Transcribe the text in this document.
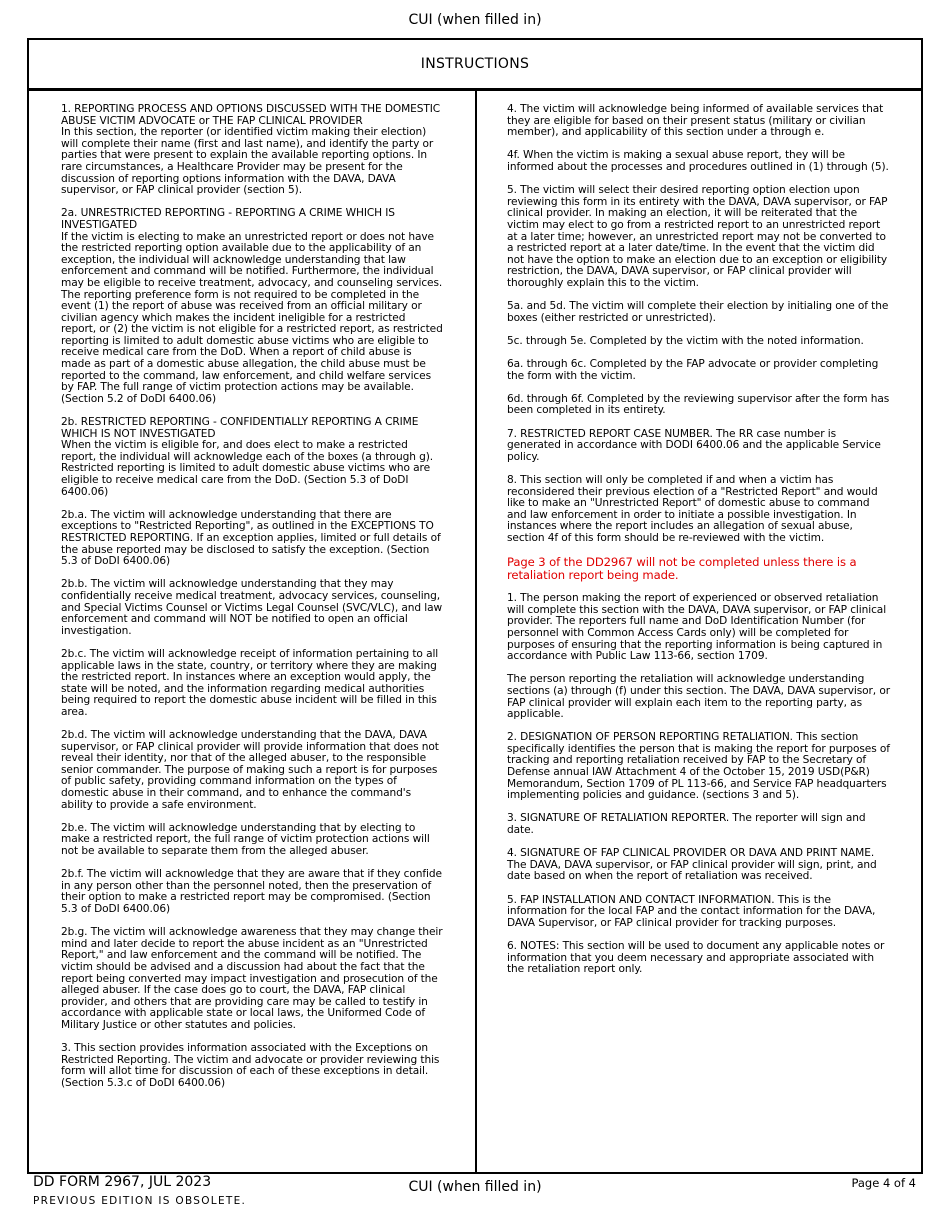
CUI (when filled in)
INSTRUCTIONS
1. REPORTING PROCESS AND OPTIONS DISCUSSED WITH THE DOMESTIC ABUSE VICTIM ADVOCATE or THE FAP CLINICAL PROVIDER
In this section, the reporter (or identified victim making their election) will complete their name (first and last name), and identify the party or parties that were present to explain the available reporting options. In rare circumstances, a Healthcare Provider may be present for the discussion of reporting options information with the DAVA, DAVA supervisor, or FAP clinical provider (section 5).
2a. UNRESTRICTED REPORTING - REPORTING A CRIME WHICH IS INVESTIGATED
If the victim is electing to make an unrestricted report or does not have the restricted reporting option available due to the applicability of an exception, the individual will acknowledge understanding that law enforcement and command will be notified. Furthermore, the individual may be eligible to receive treatment, advocacy, and counseling services. The reporting preference form is not required to be completed in the event (1) the report of abuse was received from an official military or civilian agency which makes the incident ineligible for a restricted report, or (2) the victim is not eligible for a restricted report, as restricted reporting is limited to adult domestic abuse victims who are eligible to receive medical care from the DoD. When a report of child abuse is made as part of a domestic abuse allegation, the child abuse must be reported to the command, law enforcement, and child welfare services by FAP. The full range of victim protection actions may be available. (Section 5.2 of DoDI 6400.06)
2b. RESTRICTED REPORTING - CONFIDENTIALLY REPORTING A CRIME WHICH IS NOT INVESTIGATED
When the victim is eligible for, and does elect to make a restricted report, the individual will acknowledge each of the boxes (a through g). Restricted reporting is limited to adult domestic abuse victims who are eligible to receive medical care from the DoD. (Section 5.3 of DoDI 6400.06)
2b.a. The victim will acknowledge understanding that there are exceptions to "Restricted Reporting", as outlined in the EXCEPTIONS TO RESTRICTED REPORTING. If an exception applies, limited or full details of the abuse reported may be disclosed to satisfy the exception. (Section 5.3 of DoDI 6400.06)
2b.b. The victim will acknowledge understanding that they may confidentially receive medical treatment, advocacy services, counseling, and Special Victims Counsel or Victims Legal Counsel (SVC/VLC), and law enforcement and command will NOT be notified to open an official investigation.
2b.c. The victim will acknowledge receipt of information pertaining to all applicable laws in the state, country, or territory where they are making the restricted report. In instances where an exception would apply, the state will be noted, and the information regarding medical authorities being required to report the domestic abuse incident will be filled in this area.
2b.d. The victim will acknowledge understanding that the DAVA, DAVA supervisor, or FAP clinical provider will provide information that does not reveal their identity, nor that of the alleged abuser, to the responsible senior commander. The purpose of making such a report is for purposes of public safety, providing command information on the types of domestic abuse in their command, and to enhance the command's ability to provide a safe environment.
2b.e. The victim will acknowledge understanding that by electing to make a restricted report, the full range of victim protection actions will not be available to separate them from the alleged abuser.
2b.f. The victim will acknowledge that they are aware that if they confide in any person other than the personnel noted, then the preservation of their option to make a restricted report may be compromised. (Section 5.3 of DoDI 6400.06)
2b.g. The victim will acknowledge awareness that they may change their mind and later decide to report the abuse incident as an "Unrestricted Report," and law enforcement and the command will be notified. The victim should be advised and a discussion had about the fact that the report being converted may impact investigation and prosecution of the alleged abuser. If the case does go to court, the DAVA, FAP clinical provider, and others that are providing care may be called to testify in accordance with applicable state or local laws, the Uniformed Code of Military Justice or other statutes and policies.
3. This section provides information associated with the Exceptions on Restricted Reporting. The victim and advocate or provider reviewing this form will allot time for discussion of each of these exceptions in detail. (Section 5.3.c of DoDI 6400.06)
4. The victim will acknowledge being informed of available services that they are eligible for based on their present status (military or civilian member), and applicability of this section under a through e.
4f. When the victim is making a sexual abuse report, they will be informed about the processes and procedures outlined in (1) through (5).
5. The victim will select their desired reporting option election upon reviewing this form in its entirety with the DAVA, DAVA supervisor, or FAP clinical provider. In making an election, it will be reiterated that the victim may elect to go from a restricted report to an unrestricted report at a later time; however, an unrestricted report may not be converted to a restricted report at a later date/time. In the event that the victim did not have the option to make an election due to an exception or eligibility restriction, the DAVA, DAVA supervisor, or FAP clinical provider will thoroughly explain this to the victim.
5a. and 5d. The victim will complete their election by initialing one of the boxes (either restricted or unrestricted).
5c. through 5e. Completed by the victim with the noted information.
6a. through 6c. Completed by the FAP advocate or provider completing the form with the victim.
6d. through 6f. Completed by the reviewing supervisor after the form has been completed in its entirety.
7. RESTRICTED REPORT CASE NUMBER. The RR case number is generated in accordance with DODI 6400.06 and the applicable Service policy.
8. This section will only be completed if and when a victim has reconsidered their previous election of a "Restricted Report" and would like to make an "Unrestricted Report" of domestic abuse to command and law enforcement in order to initiate a possible investigation. In instances where the report includes an allegation of sexual abuse, section 4f of this form should be re-reviewed with the victim.
Page 3 of the DD2967 will not be completed unless there is a retaliation report being made.
1. The person making the report of experienced or observed retaliation will complete this section with the DAVA, DAVA supervisor, or FAP clinical provider. The reporters full name and DoD Identification Number (for personnel with Common Access Cards only) will be completed for purposes of ensuring that the reporting information is being captured in accordance with Public Law 113-66, section 1709.
The person reporting the retaliation will acknowledge understanding sections (a) through (f) under this section. The DAVA, DAVA supervisor, or FAP clinical provider will explain each item to the reporting party, as applicable.
2. DESIGNATION OF PERSON REPORTING RETALIATION. This section specifically identifies the person that is making the report for purposes of tracking and reporting retaliation received by FAP to the Secretary of Defense annual IAW Attachment 4 of the October 15, 2019 USD(P&R) Memorandum, Section 1709 of PL 113-66, and Service FAP headquarters implementing policies and guidance. (sections 3 and 5).
3. SIGNATURE OF RETALIATION REPORTER. The reporter will sign and date.
4. SIGNATURE OF FAP CLINICAL PROVIDER OR DAVA AND PRINT NAME. The DAVA, DAVA supervisor, or FAP clinical provider will sign, print, and date based on when the report of retaliation was received.
5. FAP INSTALLATION AND CONTACT INFORMATION. This is the information for the local FAP and the contact information for the DAVA, DAVA Supervisor, or FAP clinical provider for tracking purposes.
6. NOTES: This section will be used to document any applicable notes or information that you deem necessary and appropriate associated with the retaliation report only.
DD FORM 2967, JUL 2023
PREVIOUS EDITION IS OBSOLETE.
CUI (when filled in)	Page 4 of 4
